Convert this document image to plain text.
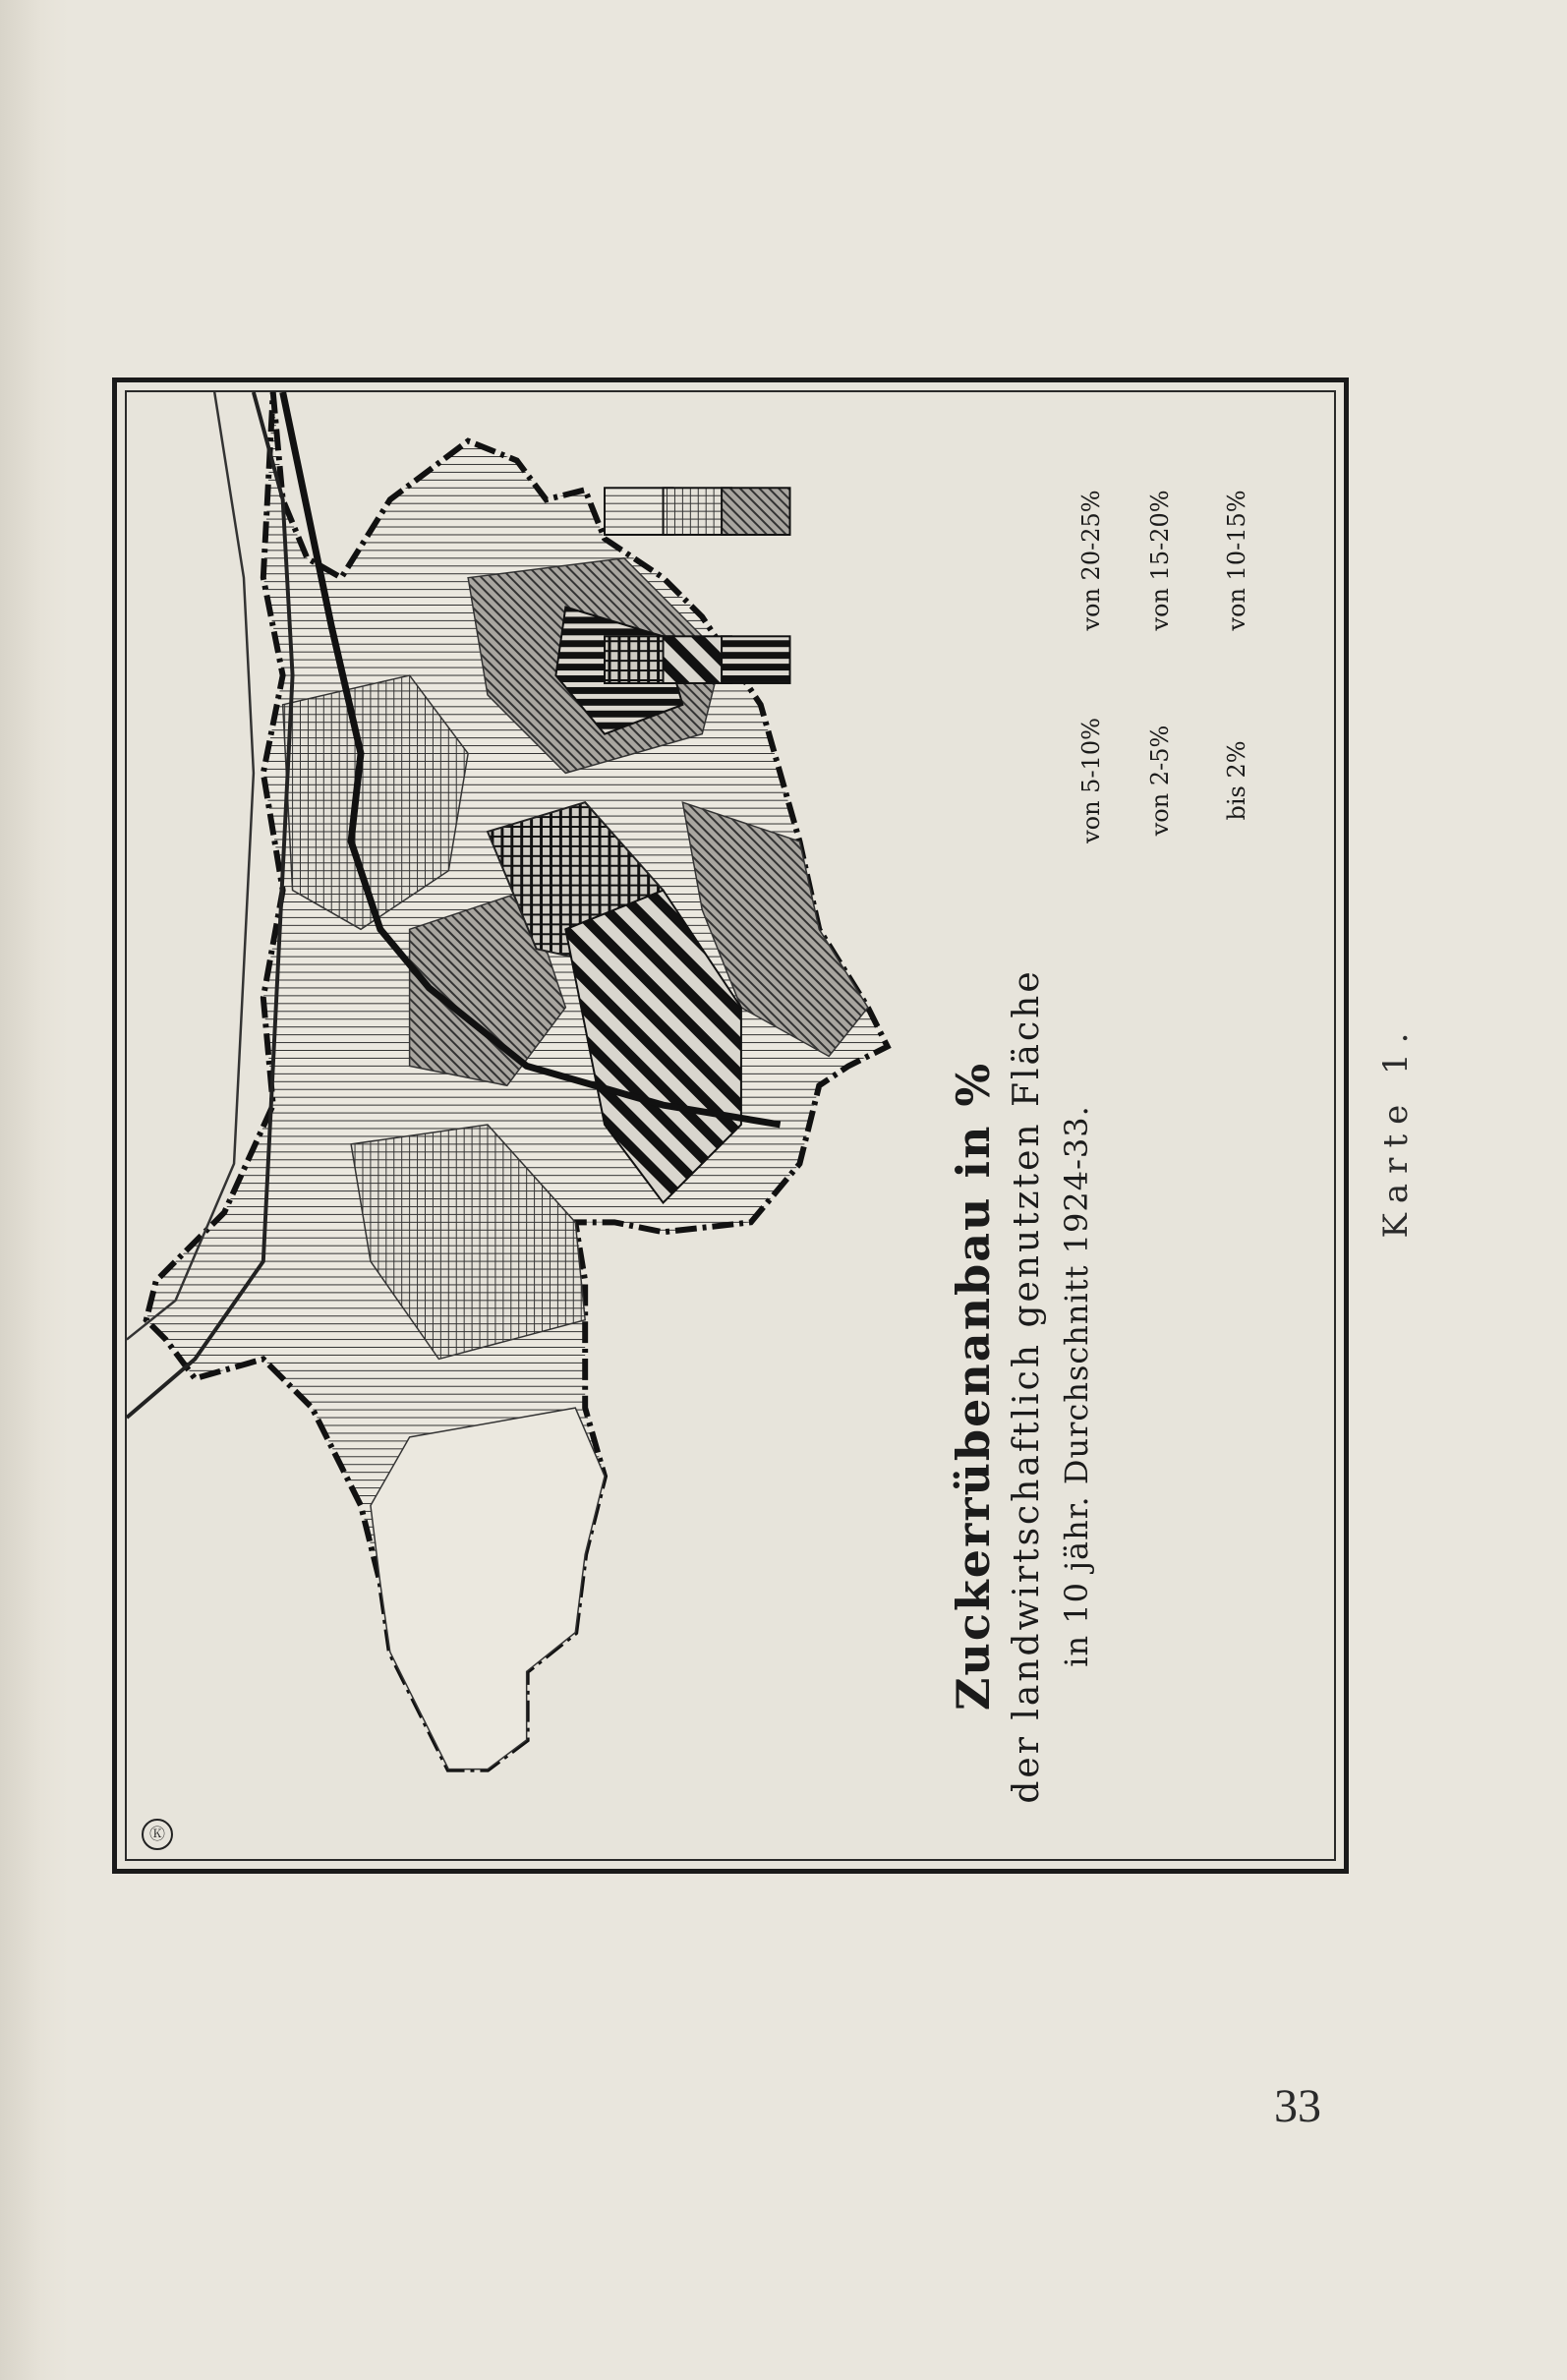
bis 2%
von 2-5%
von 5-10%
von 10-15%
von 15-20%
von 20-25%
Zuckerrübenanbau in % der landwirtschaftlich genutzten Fläche in 10 jähr. Durchschnitt 1924-33.
Ⓚ
Karte 1.
33
